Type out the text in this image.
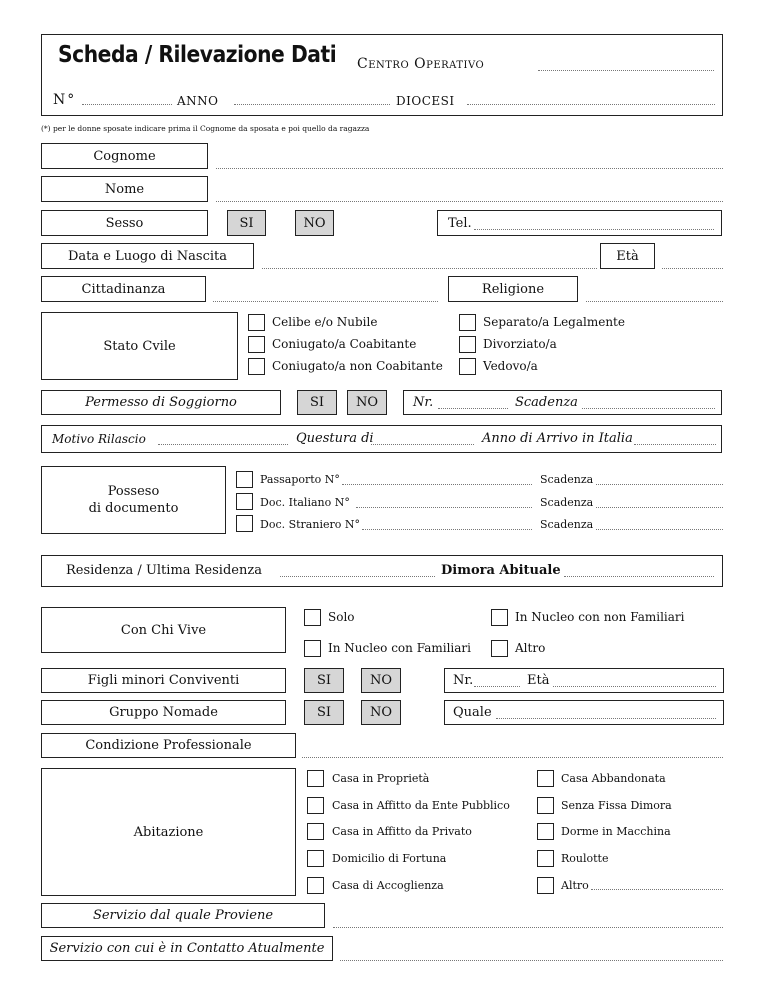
Scheda / Rilevazione Dati Centro Operativo
N°	ANNO	DIOCESI
(*) per le donne sposate indicare prima il Cognome da sposata e poi quello da ragazza
Cognome
Nome
Sesso	SI	NO	Tel.
Data e Luogo di Nascita	Età
Cittadinanza	Religione
Stato Cvile
Celibe e/o Nubile	Separato/a Legalmente
Coniugato/a Coabitante	Divorziato/a
Coniugato/a non Coabitante	Vedovo/a
Permesso di Soggiorno	SI	NO	Nr.	Scadenza
Motivo Rilascio	Questura di	Anno di Arrivo in Italia
Posseso
di documento
Passaporto N°	Scadenza
Doc. Italiano N°	Scadenza
Doc. Straniero N°	Scadenza
Residenza / Ultima Residenza	Dimora Abituale
Con Chi Vive
Solo	In Nucleo con non Familiari
In Nucleo con Familiari	Altro
Figli minori Conviventi	SI	NO	Nr.	Età
Gruppo Nomade	SI	NO	Quale
Condizione Professionale
Abitazione
Casa in Proprietà	Casa Abbandonata
Casa in Affitto da Ente Pubblico	Senza Fissa Dimora
Casa in Affitto da Privato	Dorme in Macchina
Domicilio di Fortuna	Roulotte
Casa di Accoglienza	Altro
Servizio dal quale Proviene
Servizio con cui è in Contatto Atualmente
